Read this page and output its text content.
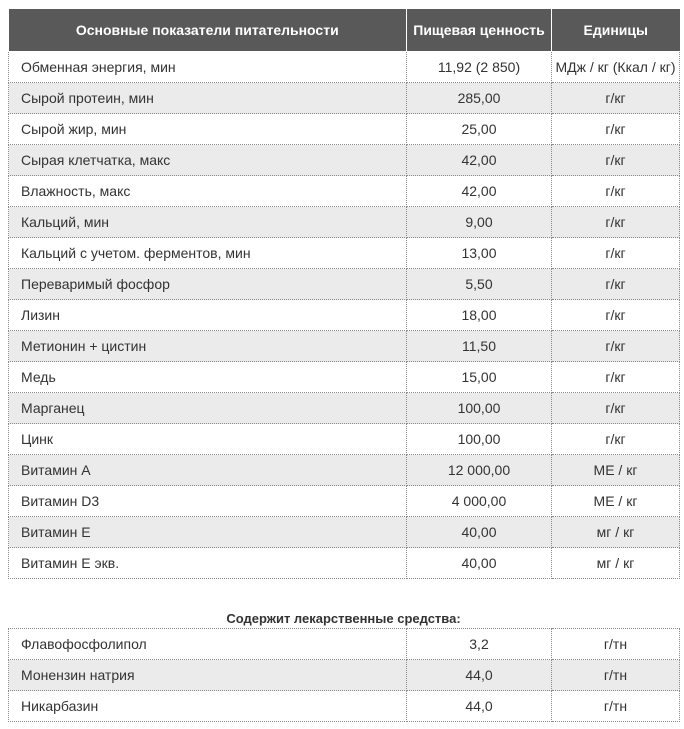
Основные показатели питательности	Пищевая ценность	Единицы
Обменная энергия, мин	11,92 (2 850)	МДж / кг (Ккал / кг)
Сырой протеин, мин	285,00	г/кг
Сырой жир, мин	25,00	г/кг
Сырая клетчатка, макс	42,00	г/кг
Влажность, макс	42,00	г/кг
Кальций, мин	9,00	г/кг
Кальций с учетом. ферментов, мин	13,00	г/кг
Переваримый фосфор	5,50	г/кг
Лизин	18,00	г/кг
Метионин + цистин	11,50	г/кг
Медь	15,00	г/кг
Марганец	100,00	г/кг
Цинк	100,00	г/кг
Витамин А	12 000,00	МЕ / кг
Витамин D3	4 000,00	МЕ / кг
Витамин Е	40,00	мг / кг
Витамин Е экв.	40,00	мг / кг
Содержит лекарственные средства:
Флавофосфолипол	3,2	г/тн
Монензин натрия	44,0	г/тн
Никарбазин	44,0	г/тн
